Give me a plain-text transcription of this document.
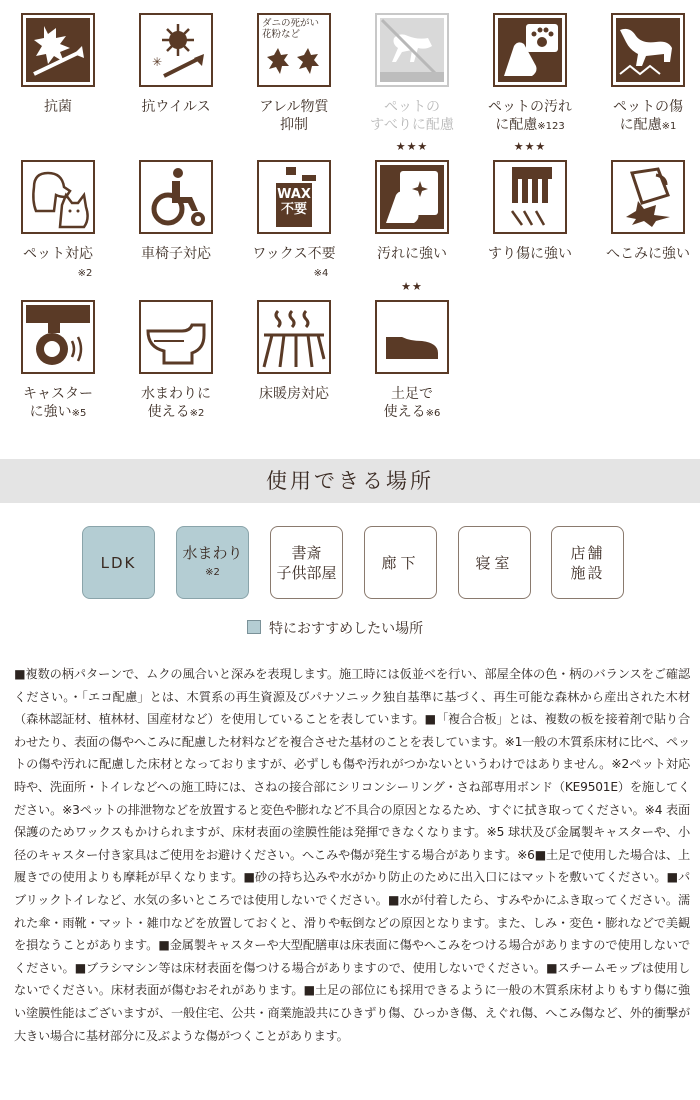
抗菌
✳
抗ウイルス
ダニの死がい花粉など
アレル物質
抑制
ペットの
すべりに配慮
ペットの汚れ
に配慮※123
ペットの傷
に配慮※1
ペット対応
※2
車椅子対応
WAX
不要
ワックス不要
※4
★★★
汚れに強い
★★★
すり傷に強い	へこみに強い
キャスター
に強い※5
水まわりに
使える※2
床暖房対応
★★
土足で
使える※6
使用できる場所
LDK
水まわり
※2
書斎
子供部屋
廊下	寝室
店舗
施設
特におすすめしたい場所
■複数の柄パターンで、ムクの風合いと深みを表現します。施工時には仮並べを行い、部屋全体の色・柄のバランスをご確認ください。・「エコ配慮」とは、木質系の再生資源及びパナソニック独自基準に基づく、再生可能な森林から産出された木材（森林認証材、植林材、国産材など）を使用していることを表しています。■「複合合板」とは、複数の板を接着剤で貼り合わせたり、表面の傷やへこみに配慮した材料などを複合させた基材のことを表しています。※1一般の木質系床材に比べ、ペットの傷や汚れに配慮した床材となっておりますが、必ずしも傷や汚れがつかないというわけではありません。※2ペット対応時や、洗面所・トイレなどへの施工時には、さねの接合部にシリコンシーリング・さね部専用ボンド（KE9501E）を施してください。※3ペットの排泄物などを放置すると変色や膨れなど不具合の原因となるため、すぐに拭き取ってください。※4 表面保護のためワックスもかけられますが、床材表面の塗膜性能は発揮できなくなります。※5 球状及び金属製キャスターや、小径のキャスター付き家具はご使用をお避けください。へこみや傷が発生する場合があります。※6■土足で使用した場合は、上履きでの使用よりも摩耗が早くなります。■砂の持ち込みや水がかり防止のために出入口にはマットを敷いてください。■パブリックトイレなど、水気の多いところでは使用しないでください。■水が付着したら、すみやかにふき取ってください。濡れた傘・雨靴・マット・雑巾などを放置しておくと、滑りや転倒などの原因となります。また、しみ・変色・膨れなどで美観を損なうことがあります。■金属製キャスターや大型配膳車は床表面に傷やへこみをつける場合がありますので使用しないでください。■ブラシマシン等は床材表面を傷つける場合がありますので、使用しないでください。■スチームモップは使用しないでください。床材表面が傷むおそれがあります。■土足の部位にも採用できるように一般の木質系床材よりもすり傷に強い塗膜性能はございますが、一般住宅、公共・商業施設共にひきずり傷、ひっかき傷、えぐれ傷、へこみ傷など、外的衝撃が大きい場合に基材部分に及ぶような傷がつくことがあります。
